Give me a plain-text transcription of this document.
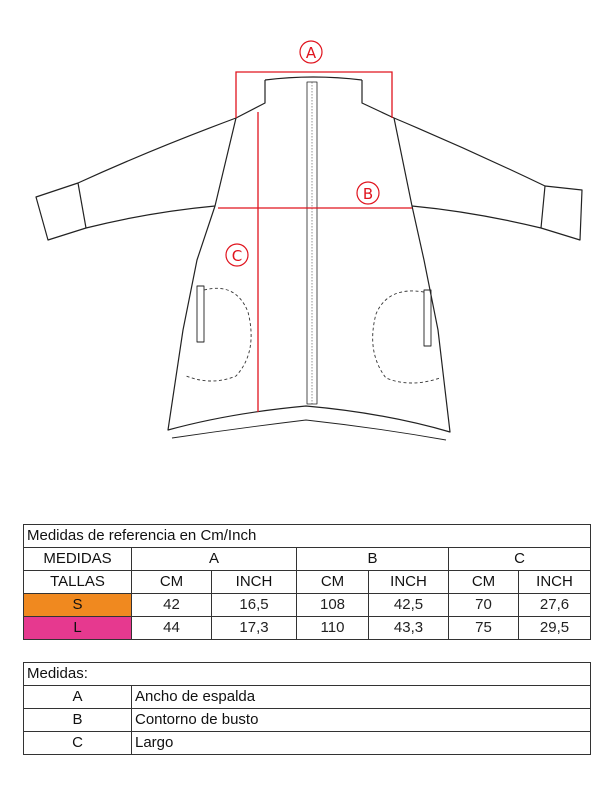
A
B
C
Medidas de referencia en Cm/Inch						
MEDIDAS	A		B		C	
TALLAS	CM	INCH	CM	INCH	CM	INCH
S	42	16,5	108	42,5	70	27,6
L	44	17,3	110	43,3	75	29,5
Medidas:	
A	Ancho de espalda
B	Contorno de busto
C	Largo
